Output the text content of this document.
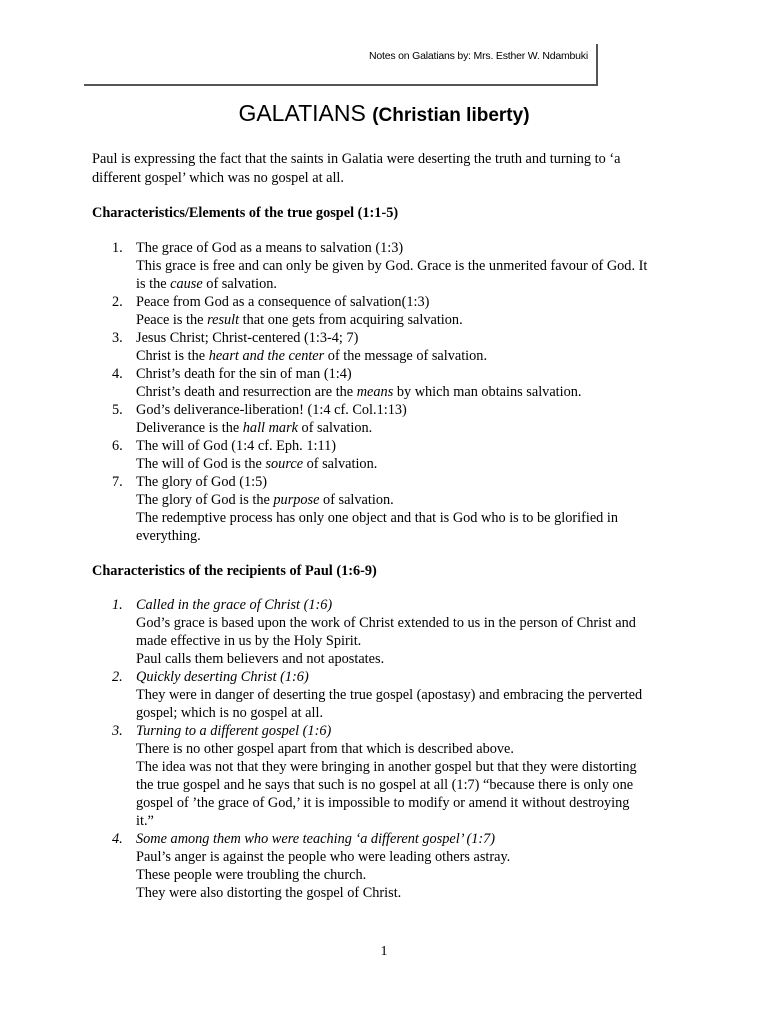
Notes on Galatians by: Mrs. Esther W. Ndambuki
GALATIANS (Christian liberty)
Paul is expressing the fact that the saints in Galatia were deserting the truth and turning to ‘a
different gospel’ which was no gospel at all.
Characteristics/Elements of the true gospel (1:1-5)
1. The grace of God as a means to salvation (1:3)
This grace is free and can only be given by God. Grace is the unmerited favour of God. It
is the cause of salvation.
2. Peace from God as a consequence of salvation(1:3)
Peace is the result that one gets from acquiring salvation.
3. Jesus Christ; Christ-centered (1:3-4; 7)
Christ is the heart and the center of the message of salvation.
4. Christ’s death for the sin of man (1:4)
Christ’s death and resurrection are the means by which man obtains salvation.
5. God’s deliverance-liberation! (1:4 cf. Col.1:13)
Deliverance is the hall mark of salvation.
6. The will of God (1:4 cf. Eph. 1:11)
The will of God is the source of salvation.
7. The glory of God (1:5)
The glory of God is the purpose of salvation.
The redemptive process has only one object and that is God who is to be glorified in
everything.
Characteristics of the recipients of Paul (1:6-9)
1. Called in the grace of Christ (1:6)
God’s grace is based upon the work of Christ extended to us in the person of Christ and
made effective in us by the Holy Spirit.
Paul calls them believers and not apostates.
2. Quickly deserting Christ (1:6)
They were in danger of deserting the true gospel (apostasy) and embracing the perverted
gospel; which is no gospel at all.
3. Turning to a different gospel (1:6)
There is no other gospel apart from that which is described above.
The idea was not that they were bringing in another gospel but that they were distorting
the true gospel and he says that such is no gospel at all (1:7) “because there is only one
gospel of ’the grace of God,’ it is impossible to modify or amend it without destroying
it.”
4. Some among them who were teaching ‘a different gospel’ (1:7)
Paul’s anger is against the people who were leading others astray.
These people were troubling the church.
They were also distorting the gospel of Christ.
1
